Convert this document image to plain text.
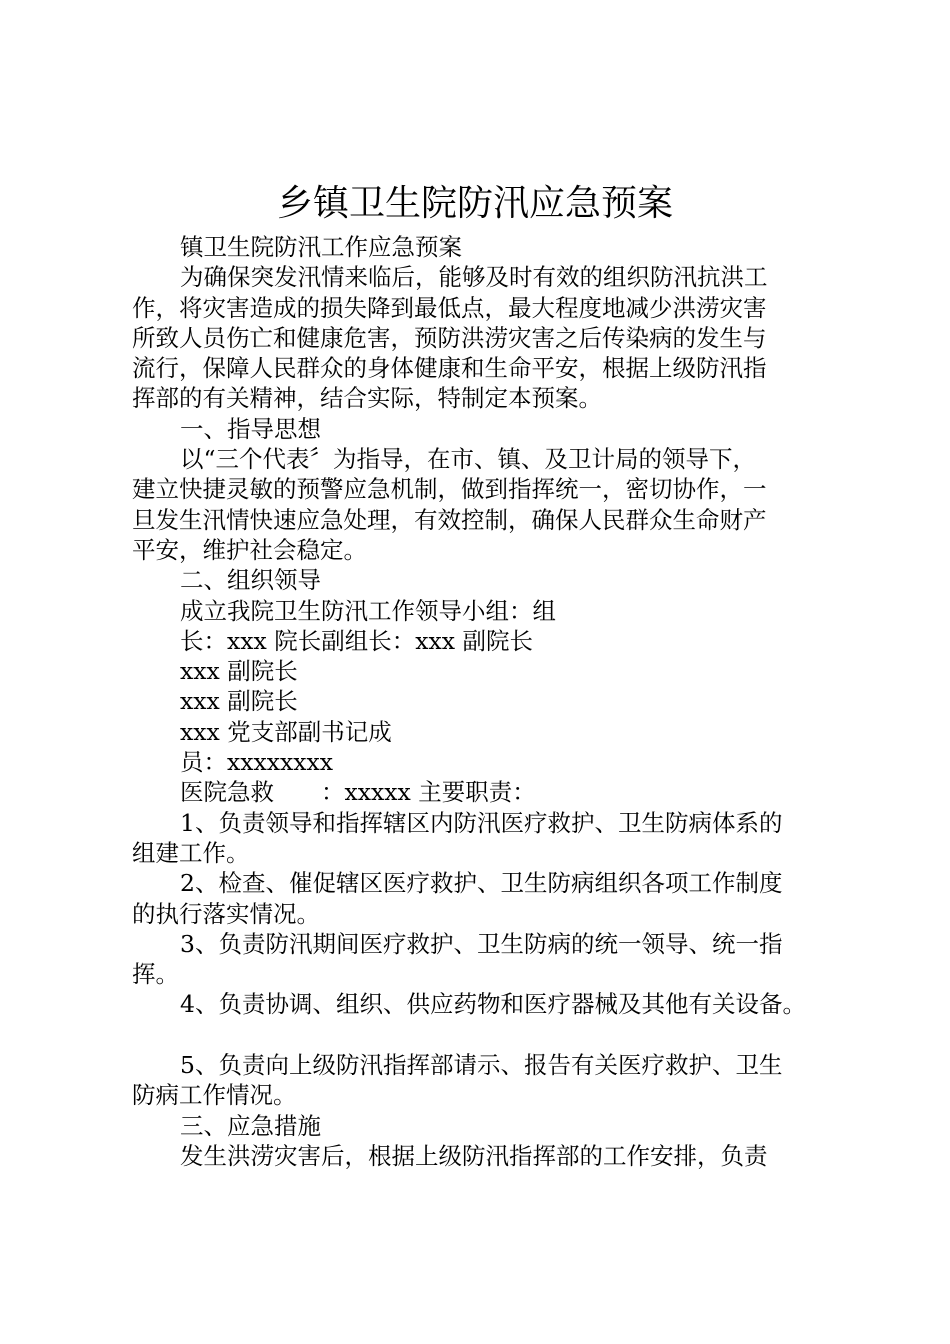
乡镇卫生院防汛应急预案
镇卫生院防汛工作应急预案
为确保突发汛情来临后，能够及时有效的组织防汛抗洪工
作，将灾害造成的损失降到最低点，最大程度地减少洪涝灾害
所致人员伤亡和健康危害，预防洪涝灾害之后传染病的发生与
流行，保障人民群众的身体健康和生命平安，根据上级防汛指
挥部的有关精神，结合实际，特制定本预案。
一、指导思想
以“三个代表〞为指导，在市、镇、及卫计局的领导下，
建立快捷灵敏的预警应急机制，做到指挥统一，密切协作，一
旦发生汛情快速应急处理，有效控制，确保人民群众生命财产
平安，维护社会稳定。
二、组织领导
成立我院卫生防汛工作领导小组：组
长：xxx 院长副组长：xxx 副院长
xxx 副院长
xxx 副院长
xxx 党支部副书记成
员：xxxxxxxx
医院急救　　：xxxxx 主要职责：
1、负责领导和指挥辖区内防汛医疗救护、卫生防病体系的
组建工作。
2、检查、催促辖区医疗救护、卫生防病组织各项工作制度
的执行落实情况。
3、负责防汛期间医疗救护、卫生防病的统一领导、统一指
挥。
4、负责协调、组织、供应药物和医疗器械及其他有关设备。
5、负责向上级防汛指挥部请示、报告有关医疗救护、卫生
防病工作情况。
三、应急措施
发生洪涝灾害后，根据上级防汛指挥部的工作安排，负责
